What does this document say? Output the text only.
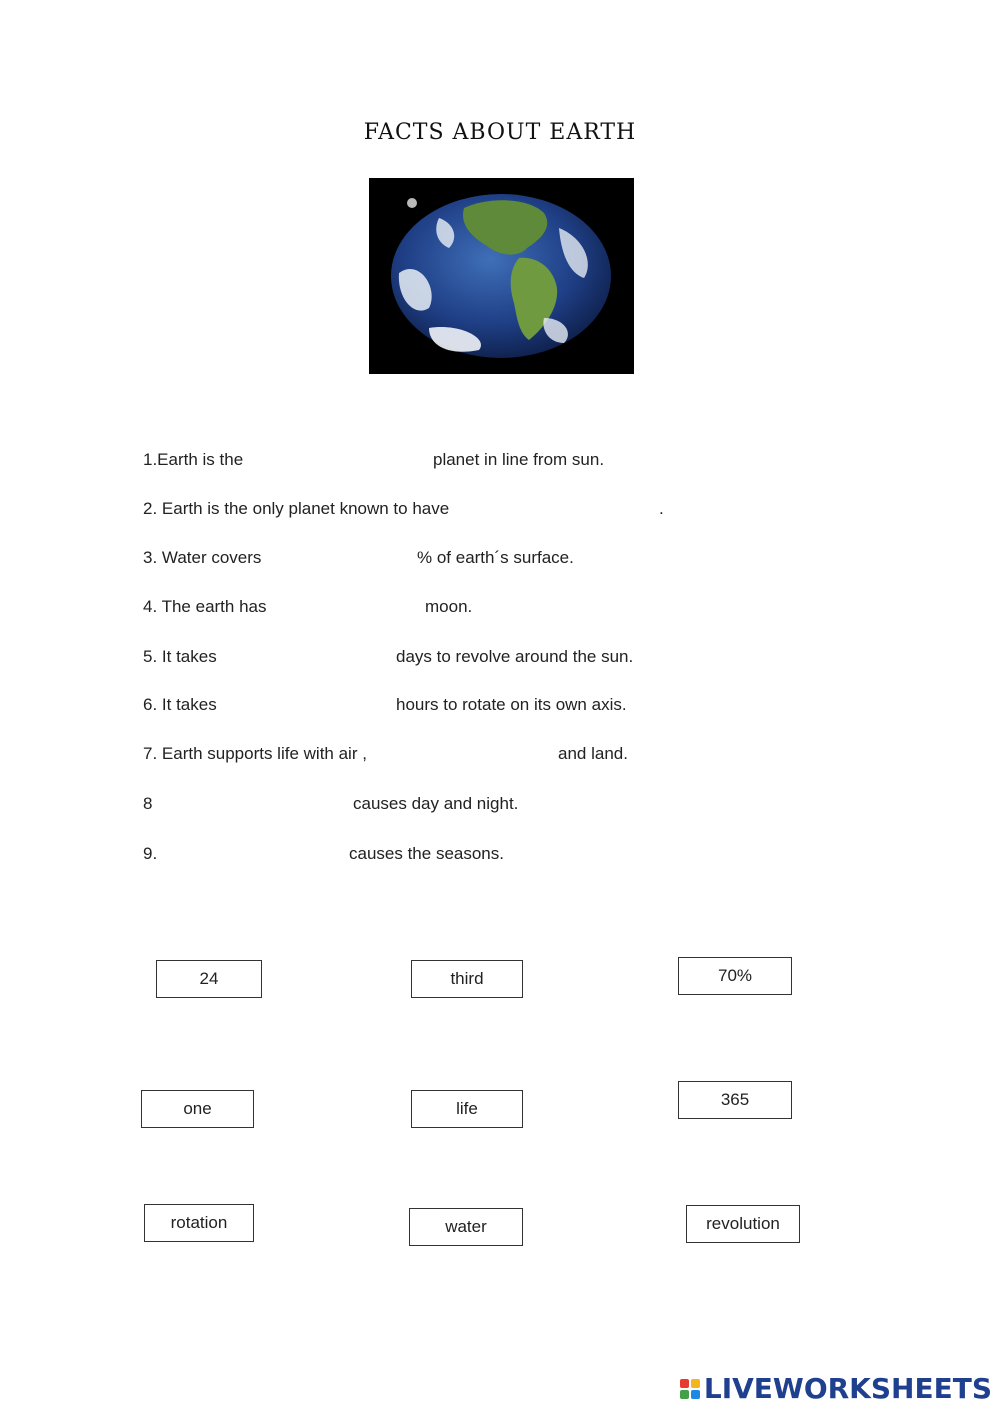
FACTS ABOUT EARTH
1.Earth is the	planet in line from sun.
2. Earth is the only planet known to have	.
3. Water covers	% of earth´s surface.
4. The earth has	moon.
5. It takes	days to revolve around the sun.
6. It takes	hours to rotate on its own axis.
7. Earth supports life with air ,	and land.
8	causes day and night.
9.	causes the seasons.
24	third	70%
one	life	365
rotation	water	revolution
LIVEWORKSHEETS
